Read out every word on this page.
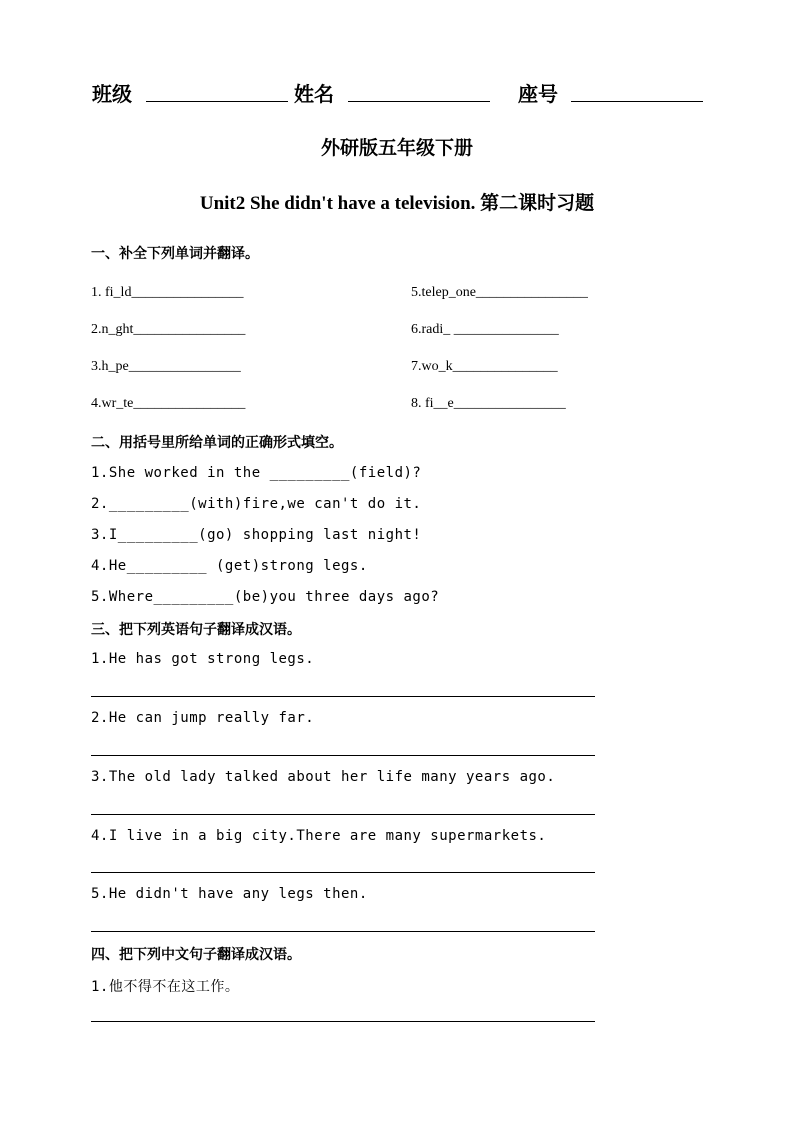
班级	姓名	座号
外研版五年级下册
Unit2 She didn't have a television. 第二课时习题
一、补全下列单词并翻译。
1. fi_ld________________	5.telep_one________________
2.n_ght________________	6.radi_ _______________
3.h_pe________________	7.wo_k_______________
4.wr_te________________	8. fi__e________________
二、用括号里所给单词的正确形式填空。
1.She worked in the _________(field)?
2._________(with)fire,we can't do it.
3.I_________(go) shopping last night!
4.He_________ (get)strong legs.
5.Where_________(be)you three days ago?
三、把下列英语句子翻译成汉语。
1.He has got strong legs.
2.He can jump really far.
3.The old lady talked about her life many years ago.
4.I live in a big city.There are many supermarkets.
5.He didn't have any legs then.
四、把下列中文句子翻译成汉语。
1.他不得不在这工作。
